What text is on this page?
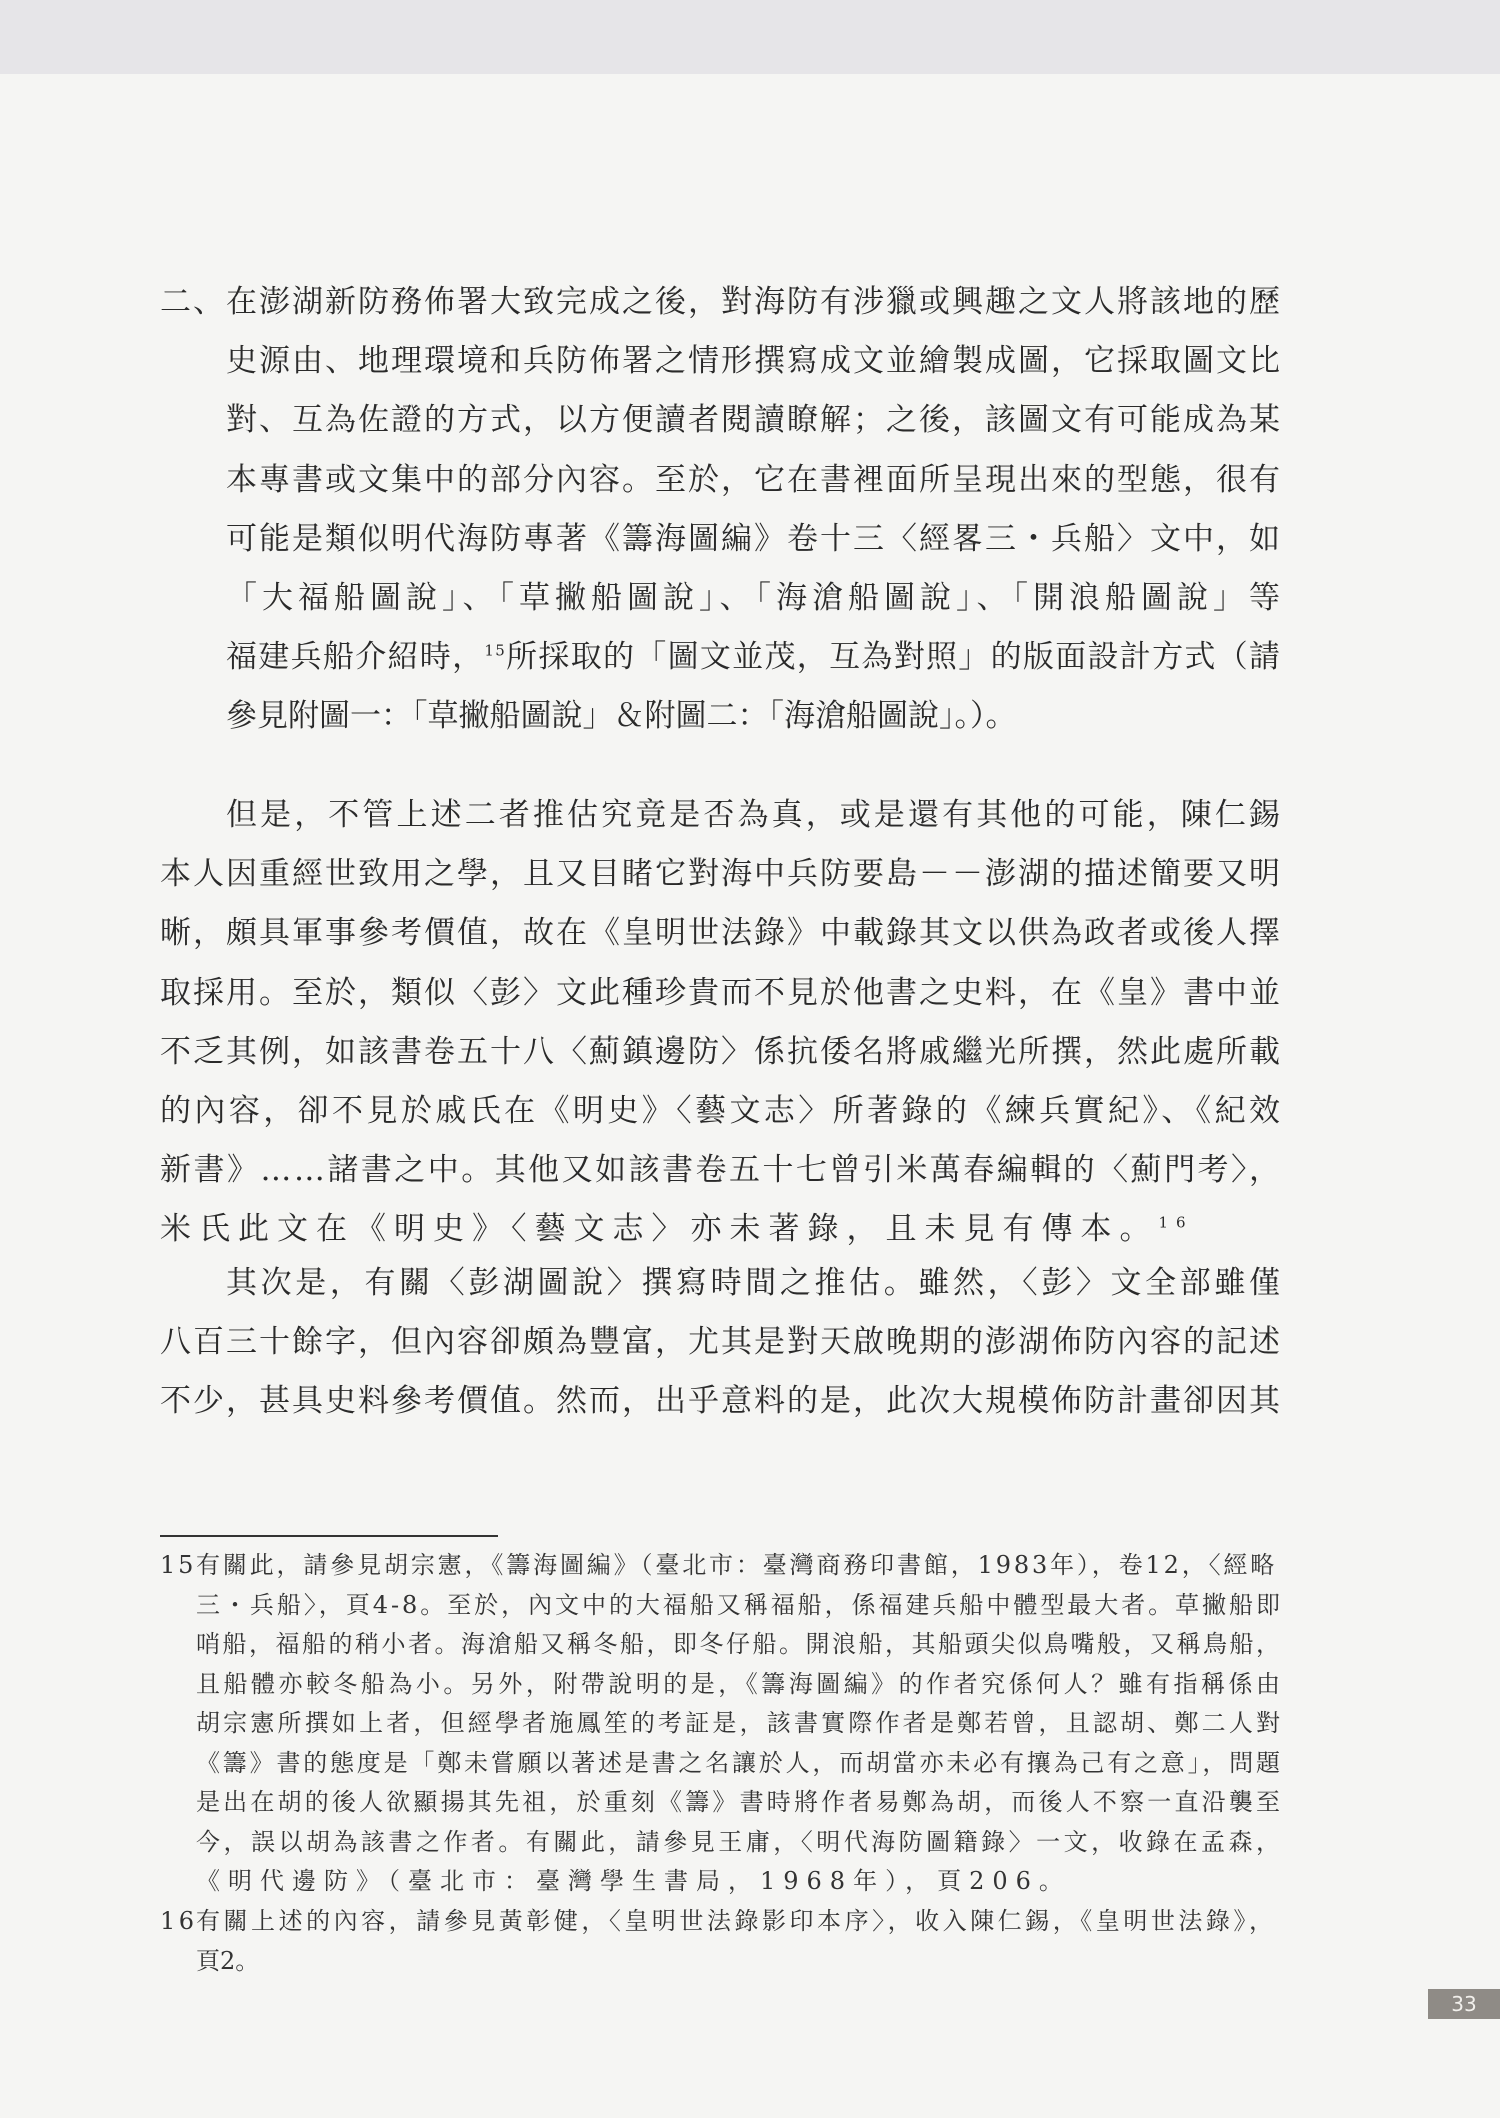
二、在澎湖新防務佈署大致完成之後，對海防有涉獵或興趣之文人將該地的歷
史源由、地理環境和兵防佈署之情形撰寫成文並繪製成圖，它採取圖文比
對、互為佐證的方式，以方便讀者閱讀瞭解；之後，該圖文有可能成為某
本專書或文集中的部分內容。至於，它在書裡面所呈現出來的型態，很有
可能是類似明代海防專著《籌海圖編》卷十三〈經畧三・兵船〉文中，如
「大福船圖說」、「草撇船圖說」、「海滄船圖說」、「開浪船圖說」等
福建兵船介紹時，$^{15}$所採取的「圖文並茂，互為對照」的版面設計方式（請
參見附圖一：「草撇船圖說」＆附圖二：「海滄船圖說」。）。
但是，不管上述二者推估究竟是否為真，或是還有其他的可能，陳仁錫
本人因重經世致用之學，且又目睹它對海中兵防要島－－澎湖的描述簡要又明
晰，頗具軍事參考價值，故在《皇明世法錄》中載錄其文以供為政者或後人擇
取採用。至於，類似〈彭〉文此種珍貴而不見於他書之史料，在《皇》書中並
不乏其例，如該書卷五十八〈薊鎮邊防〉係抗倭名將戚繼光所撰，然此處所載
的內容，卻不見於戚氏在《明史》〈藝文志〉所著錄的《練兵實紀》、《紀效
新書》……諸書之中。其他又如該書卷五十七曾引米萬春編輯的〈薊門考〉，
米氏此文在《明史》〈藝文志〉亦未著錄，且未見有傳本。$^{16}$
其次是，有關〈彭湖圖說〉撰寫時間之推估。雖然，〈彭〉文全部雖僅
八百三十餘字，但內容卻頗為豐富，尤其是對天啟晚期的澎湖佈防內容的記述
不少，甚具史料參考價值。然而，出乎意料的是，此次大規模佈防計畫卻因其
15有關此，請參見胡宗憲，《籌海圖編》（臺北市：臺灣商務印書館，1983年），卷12，〈經略
三・兵船〉，頁4-8。至於，內文中的大福船又稱福船，係福建兵船中體型最大者。草撇船即
哨船，福船的稍小者。海滄船又稱冬船，即冬仔船。開浪船，其船頭尖似鳥嘴般，又稱鳥船，
且船體亦較冬船為小。另外，附帶說明的是，《籌海圖編》的作者究係何人？雖有指稱係由
胡宗憲所撰如上者，但經學者施鳳笙的考証是，該書實際作者是鄭若曾，且認胡、鄭二人對
《籌》書的態度是「鄭未嘗願以著述是書之名讓於人，而胡當亦未必有攘為己有之意」，問題
是出在胡的後人欲顯揚其先祖，於重刻《籌》書時將作者易鄭為胡，而後人不察一直沿襲至
今，誤以胡為該書之作者。有關此，請參見王庸，〈明代海防圖籍錄〉一文，收錄在孟森，
《明代邊防》（臺北市：臺灣學生書局，1968年），頁206。
16有關上述的內容，請參見黃彰健，〈皇明世法錄影印本序〉，收入陳仁錫，《皇明世法錄》，
頁2。
33
